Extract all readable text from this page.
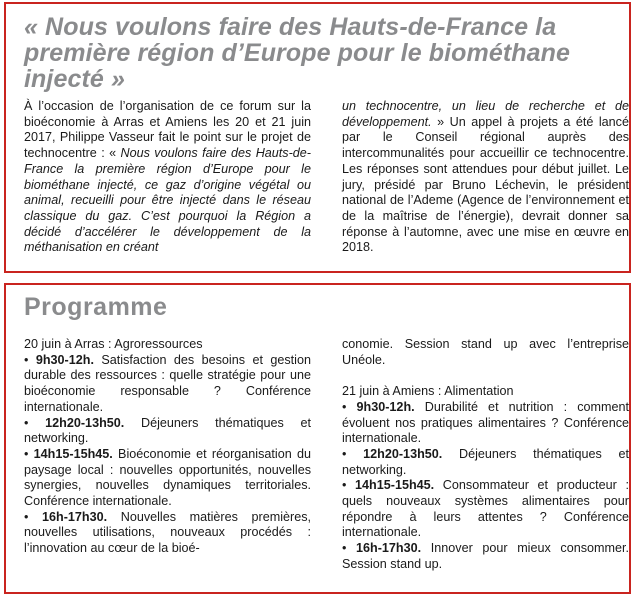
« Nous voulons faire des Hauts-de-France la première région d’Europe pour le biométhane injecté »
À l’occasion de l’organisation de ce forum sur la bioéconomie à Arras et Amiens les 20 et 21 juin 2017, Philippe Vasseur fait le point sur le projet de technocentre : « Nous voulons faire des Hauts-de-France la première région d’Europe pour le biométhane injecté, ce gaz d’origine végétal ou animal, recueilli pour être injecté dans le réseau classique du gaz. C’est pourquoi la Région a décidé d’accélérer le développement de la méthanisation en créant
un technocentre, un lieu de recherche et de développement. » Un appel à projets a été lancé par le Conseil régional auprès des intercommunalités pour accueillir ce technocentre. Les réponses sont attendues pour début juillet. Le jury, présidé par Bruno Léchevin, le président national de l’Ademe (Agence de l’environnement et de la maîtrise de l’énergie), devrait donner sa réponse à l’automne, avec une mise en œuvre en 2018.
Programme

20 juin à Arras : Agroressources

• 9h30-12h. Satisfaction des besoins et gestion durable des ressources : quelle stratégie pour une bioéconomie responsable ? Conférence internationale.

• 12h20-13h50. Déjeuners thématiques et networking.

• 14h15-15h45. Bioéconomie et réorganisation du paysage local : nouvelles opportunités, nouvelles synergies, nouvelles dynamiques territoriales. Conférence internationale.

• 16h-17h30. Nouvelles matières premières, nouvelles utilisations, nouveaux procédés : l’innovation au cœur de la bioé-

conomie. Session stand up avec l’entreprise Unéole.

21 juin à Amiens : Alimentation

• 9h30-12h. Durabilité et nutrition : comment évoluent nos pratiques alimentaires ? Conférence internationale.

• 12h20-13h50. Déjeuners thématiques et networking.

• 14h15-15h45. Consommateur et producteur : quels nouveaux systèmes alimentaires pour répondre à leurs attentes ? Conférence internationale.

• 16h-17h30. Innover pour mieux consommer. Session stand up.
